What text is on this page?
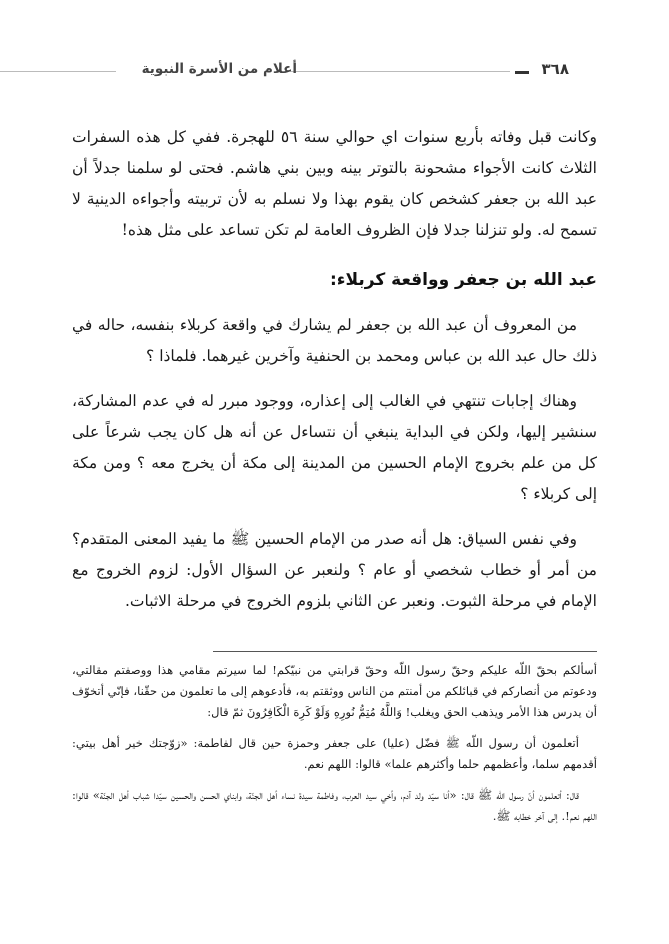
أعلام من الأسرة النبوية	٣٦٨

وكانت قبل وفاته بأربع سنوات اي حوالي سنة ٥٦ للهجرة. ففي كل هذه السفرات الثلاث كانت الأجواء مشحونة بالتوتر بينه وبين بني هاشم. فحتى لو سلمنا جدلاً أن عبد الله بن جعفر كشخص كان يقوم بهذا ولا نسلم به لأن تربيته وأجواءه الدينية لا تسمح له. ولو تنزلنا جدلا فإن الظروف العامة لم تكن تساعد على مثل هذه!

عبد الله بن جعفر وواقعة كربلاء:

من المعروف أن عبد الله بن جعفر لم يشارك في واقعة كربلاء بنفسه، حاله في ذلك حال عبد الله بن عباس ومحمد بن الحنفية وآخرين غيرهما. فلماذا ؟

وهناك إجابات تنتهي في الغالب إلى إعذاره، ووجود مبرر له في عدم المشاركة، سنشير إليها، ولكن في البداية ينبغي أن نتساءل عن أنه هل كان يجب شرعاً على كل من علم بخروج الإمام الحسين من المدينة إلى مكة أن يخرج معه ؟ ومن مكة إلى كربلاء ؟

وفي نفس السياق: هل أنه صدر من الإمام الحسين ﷺ ما يفيد المعنى المتقدم؟ من أمر أو خطاب شخصي أو عام ؟ ولنعبر عن السؤال الأول: لزوم الخروج مع الإمام في مرحلة الثبوت. ونعبر عن الثاني بلزوم الخروج في مرحلة الاثبات.

أسألكم بحقّ اللّه عليكم وحقّ رسول اللّه وحقّ قرابتي من نبيّكم! لما سيرتم مقامي هذا ووصفتم مقالتي، ودعوتم من أنصاركم في قبائلكم من أمنتم من الناس ووثقتم به، فأدعوهم إلى ما تعلمون من حقّنا، فإنّي أتخوّف أن يدرس هذا الأمر ويذهب الحق ويغلب! وَاللَّهُ مُتِمُّ نُورِهِ وَلَوْ كَرِهَ الْكَافِرُونَ ثمّ قال:

أتعلمون أن رسول اللّه ﷺ فضّل (عليا) على جعفر وحمزة حين قال لفاطمة: «زوّجتك خير أهل بيتي: أقدمهم سلما، وأعظمهم حلما وأكثرهم علما» قالوا: اللهم نعم.

قال: أتعلمون أنّ رسول اللّه ﷺ قال: «أنا سيّد ولد آدم، وأخي سيد العرب، وفاطمة سيدة نساء أهل الجنّة، وابناي الحسن والحسين سيّدا شباب أهل الجنّة» قالوا: اللهم نعم!. إلى آخر خطابه ﷺ.
